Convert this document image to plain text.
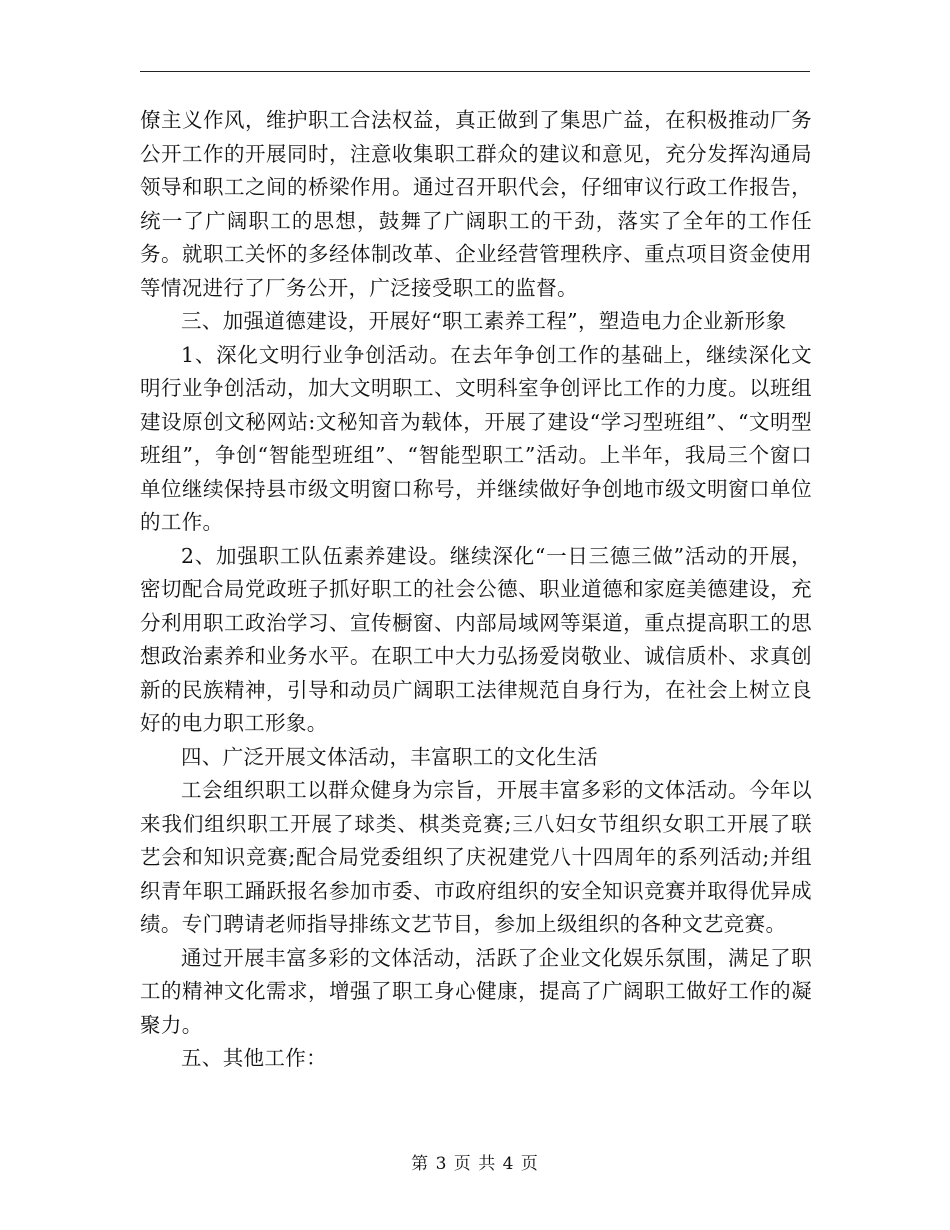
僚主义作风，维护职工合法权益，真正做到了集思广益，在积极推动厂务公开工作的开展同时，注意收集职工群众的建议和意见，充分发挥沟通局领导和职工之间的桥梁作用。通过召开职代会，仔细审议行政工作报告，统一了广阔职工的思想，鼓舞了广阔职工的干劲，落实了全年的工作任务。就职工关怀的多经体制改革、企业经营管理秩序、重点项目资金使用等情况进行了厂务公开，广泛接受职工的监督。

三、加强道德建设，开展好“职工素养工程”，塑造电力企业新形象

1、深化文明行业争创活动。在去年争创工作的基础上，继续深化文明行业争创活动，加大文明职工、文明科室争创评比工作的力度。以班组建设原创文秘网站:文秘知音为载体，开展了建设“学习型班组”、“文明型班组”，争创“智能型班组”、“智能型职工”活动。上半年，我局三个窗口单位继续保持县市级文明窗口称号，并继续做好争创地市级文明窗口单位的工作。

2、加强职工队伍素养建设。继续深化“一日三德三做”活动的开展，密切配合局党政班子抓好职工的社会公德、职业道德和家庭美德建设，充分利用职工政治学习、宣传橱窗、内部局域网等渠道，重点提高职工的思想政治素养和业务水平。在职工中大力弘扬爱岗敬业、诚信质朴、求真创新的民族精神，引导和动员广阔职工法律规范自身行为，在社会上树立良好的电力职工形象。

四、广泛开展文体活动，丰富职工的文化生活

工会组织职工以群众健身为宗旨，开展丰富多彩的文体活动。今年以来我们组织职工开展了球类、棋类竞赛;三八妇女节组织女职工开展了联艺会和知识竞赛;配合局党委组织了庆祝建党八十四周年的系列活动;并组织青年职工踊跃报名参加市委、市政府组织的安全知识竞赛并取得优异成绩。专门聘请老师指导排练文艺节目，参加上级组织的各种文艺竞赛。

通过开展丰富多彩的文体活动，活跃了企业文化娱乐氛围，满足了职工的精神文化需求，增强了职工身心健康，提高了广阔职工做好工作的凝聚力。

五、其他工作：

第 3 页 共 4 页
